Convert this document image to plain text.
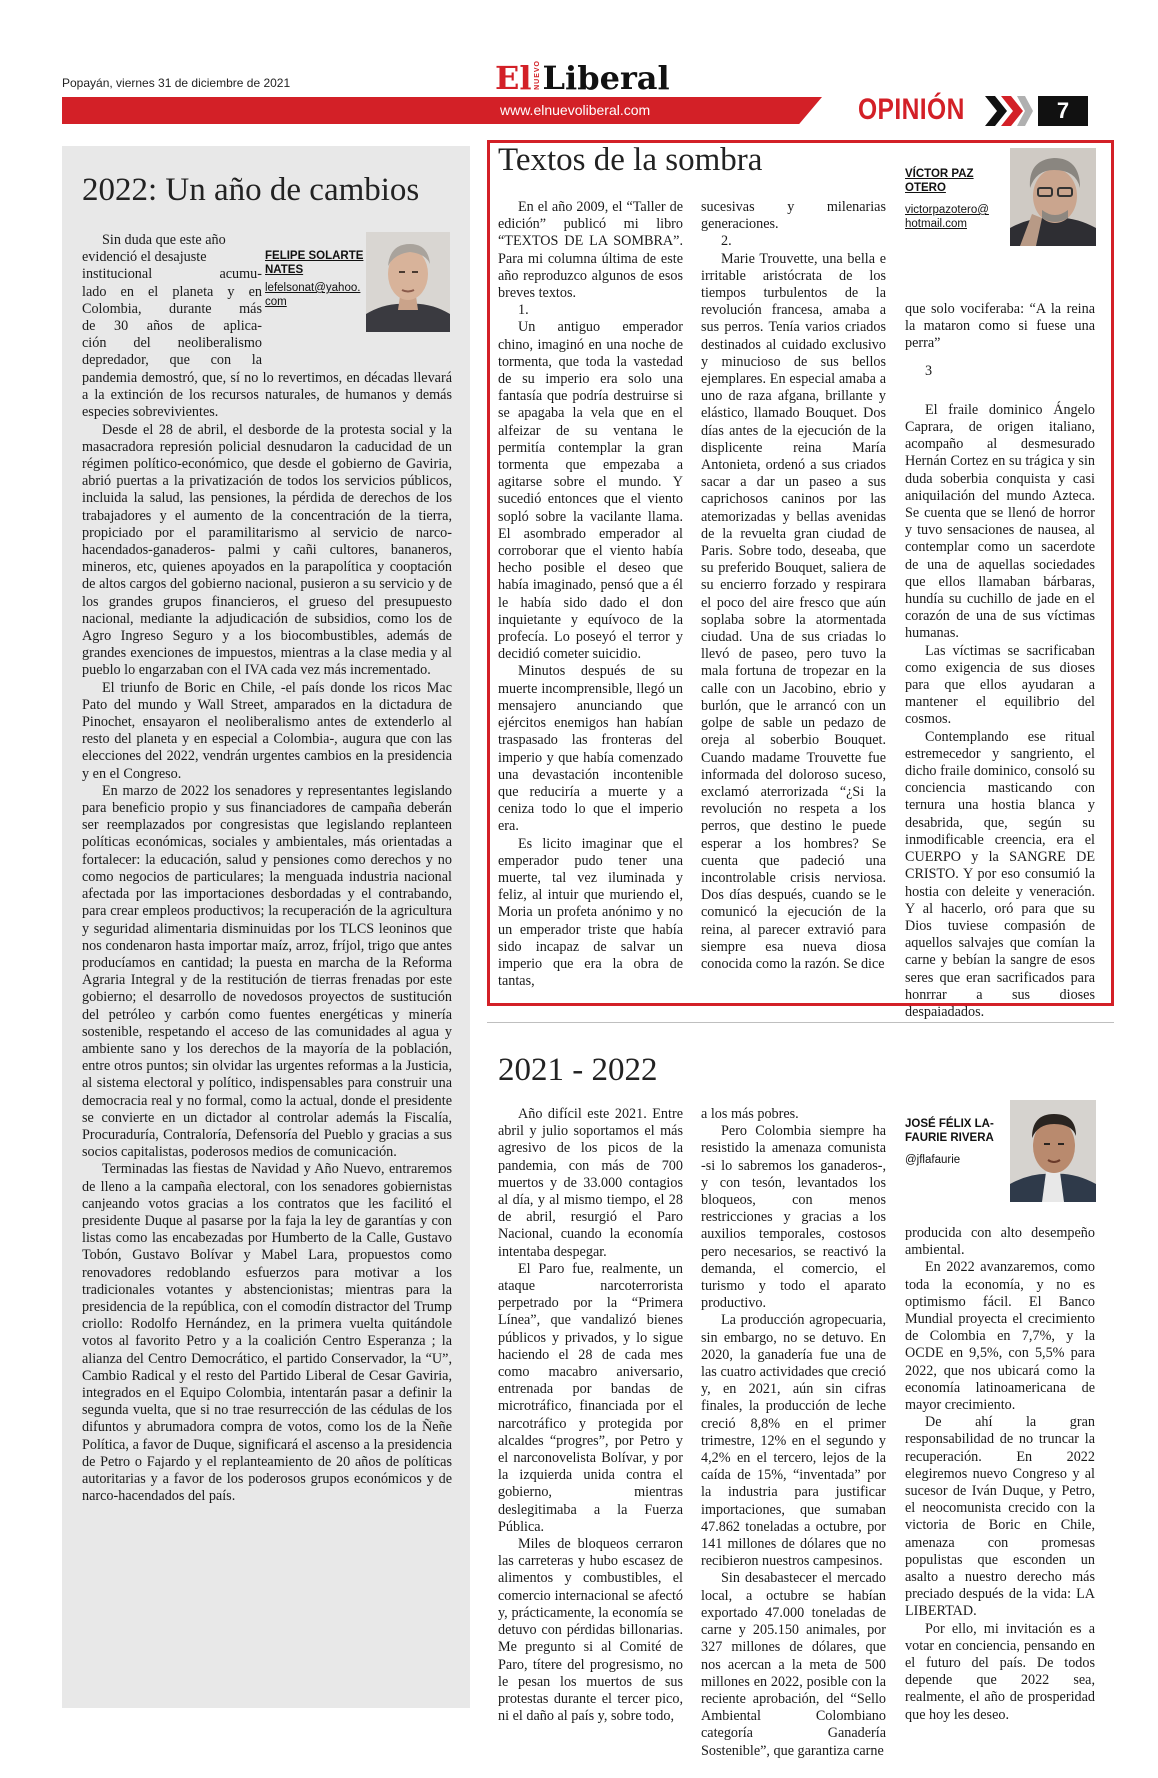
Popayán, viernes 31 de diciembre de 2021	El NUEVO Liberal
www.elnuevoliberal.com	OPINIÓN	7
2022: Un año de cambios
FELIPE SOLARTE NATES
lefelsonat@yahoo.com

Sin duda que este año

evidenció el desajuste

institucional acumu-

lado en el planeta y en

Colombia, durante más

de 30 años de aplica-

ción del neoliberalismo

depredador, que con la

pandemia demostró, que, sí no lo revertimos, en décadas llevará a la extinción de los recursos naturales, de humanos y demás especies sobrevivientes.

Desde el 28 de abril, el desborde de la protesta social y la masacradora represión policial desnudaron la caducidad de un régimen político-económico, que desde el gobierno de Gaviria, abrió puertas a la privatización de todos los servicios públicos, incluida la salud, las pensiones, la pérdida de derechos de los trabajadores y el aumento de la concentración de la tierra, propiciado por el paramilitarismo al servicio de narco-hacendados-ganaderos- palmi y cañi cultores, bananeros, mineros, etc, quienes apoyados en la parapolítica y cooptación de altos cargos del gobierno nacional, pusieron a su servicio y de los grandes grupos financieros, el grueso del presupuesto nacional, mediante la adjudicación de subsidios, como los de Agro Ingreso Seguro y a los biocombustibles, además de grandes exenciones de impuestos, mientras a la clase media y al pueblo lo engarzaban con el IVA cada vez más incrementado.

El triunfo de Boric en Chile, -el país donde los ricos Mac Pato del mundo y Wall Street, amparados en la dictadura de Pinochet, ensayaron el neoliberalismo antes de extenderlo al resto del planeta y en especial a Colombia-, augura que con las elecciones del 2022, vendrán urgentes cambios en la presidencia y en el Congreso.

En marzo de 2022 los senadores y representantes legislando para beneficio propio y sus financiadores de campaña deberán ser reemplazados por congresistas que legislando replanteen políticas económicas, sociales y ambientales, más orientadas a fortalecer: la educación, salud y pensiones como derechos y no como negocios de particulares; la menguada industria nacional afectada por las importaciones desbordadas y el contrabando, para crear empleos productivos; la recuperación de la agricultura y seguridad alimentaria disminuidas por los TLCS leoninos que nos condenaron hasta importar maíz, arroz, fríjol, trigo que antes producíamos en cantidad; la puesta en marcha de la Reforma Agraria Integral y de la restitución de tierras frenadas por este gobierno; el desarrollo de novedosos proyectos de sustitución del petróleo y carbón como fuentes energéticas y minería sostenible, respetando el acceso de las comunidades al agua y ambiente sano y los derechos de la mayoría de la población, entre otros puntos; sin olvidar las urgentes reformas a la Justicia, al sistema electoral y político, indispensables para construir una democracia real y no formal, como la actual, donde el presidente se convierte en un dictador al controlar además la Fiscalía, Procuraduría, Contraloría, Defensoría del Pueblo y gracias a sus socios capitalistas, poderosos medios de comunicación.

Terminadas las fiestas de Navidad y Año Nuevo, entraremos de lleno a la campaña electoral, con los senadores gobiernistas canjeando votos gracias a los contratos que les facilitó el presidente Duque al pasarse por la faja la ley de garantías y con listas como las encabezadas por Humberto de la Calle, Gustavo Tobón, Gustavo Bolívar y Mabel Lara, propuestos como renovadores redoblando esfuerzos para motivar a los tradicionales votantes y abstencionistas; mientras para la presidencia de la república, con el comodín distractor del Trump criollo: Rodolfo Hernández, en la primera vuelta quitándole votos al favorito Petro y a la coalición Centro Esperanza ; la alianza del Centro Democrático, el partido Conservador, la “U”, Cambio Radical y el resto del Partido Liberal de Cesar Gaviria, integrados en el Equipo Colombia, intentarán pasar a definir la segunda vuelta, que si no trae resurrección de las cédulas de los difuntos y abrumadora compra de votos, como los de la Ñeñe Política, a favor de Duque, significará el ascenso a la presidencia de Petro o Fajardo y el replanteamiento de 20 años de políticas autoritarias y a favor de los poderosos grupos económicos y de narco-hacendados del país.

Textos de la sombra	VÍCTOR PAZ
OTERO
victorpazotero@
hotmail.com

En el año 2009, el “Taller de edición” publicó mi libro “TEXTOS DE LA SOMBRA”. Para mi columna última de este año reproduzco algunos de esos breves textos.

1.

Un antiguo emperador chino, imaginó en una noche de tormenta, que toda la vastedad de su imperio era solo una fantasía que podría destruirse si se apagaba la vela que en el alfeizar de su ventana le permitía contemplar la gran tormenta que empezaba a agitarse sobre el mundo. Y sucedió entonces que el viento sopló sobre la vacilante llama. El asombrado emperador al corroborar que el viento había hecho posible el deseo que había imaginado, pensó que a él le había sido dado el don inquietante y equívoco de la profecía. Lo poseyó el terror y decidió cometer suicidio.

Minutos después de su muerte incomprensible, llegó un mensajero anunciando que ejércitos enemigos han habían traspasado las fronteras del imperio y que había comenzado una devastación incontenible que reduciría a muerte y a ceniza todo lo que el imperio era.

Es licito imaginar que el emperador pudo tener una muerte, tal vez iluminada y feliz, al intuir que muriendo el, Moria un profeta anónimo y no un emperador triste que había sido incapaz de salvar un imperio que era la obra de tantas,

sucesivas y milenarias generaciones.

2.

Marie Trouvette, una bella e irritable aristócrata de los tiempos turbulentos de la revolución francesa, amaba a sus perros. Tenía varios criados destinados al cuidado exclusivo y minucioso de sus bellos ejemplares. En especial amaba a uno de raza afgana, brillante y elástico, llamado Bouquet. Dos días antes de la ejecución de la displicente reina María Antonieta, ordenó a sus criados sacar a dar un paseo a sus caprichosos caninos por las atemorizadas y bellas avenidas de la revuelta gran ciudad de Paris. Sobre todo, deseaba, que su preferido Bouquet, saliera de su encierro forzado y respirara el poco del aire fresco que aún soplaba sobre la atormentada ciudad. Una de sus criadas lo llevó de paseo, pero tuvo la mala fortuna de tropezar en la calle con un Jacobino, ebrio y burlón, que le arrancó con un golpe de sable un pedazo de oreja al soberbio Bouquet. Cuando madame Trouvette fue informada del doloroso suceso, exclamó aterrorizada “¿Si la revolución no respeta a los perros, que destino le puede esperar a los hombres? Se cuenta que padeció una incontrolable crisis nerviosa. Dos días después, cuando se le comunicó la ejecución de la reina, al parecer extravió para siempre esa nueva diosa conocida como la razón. Se dice

que solo vociferaba: “A la reina la mataron como si fuese una perra”

3

El fraile dominico Ángelo Caprara, de origen italiano, acompaño al desmesurado Hernán Cortez en su trágica y sin duda soberbia conquista y casi aniquilación del mundo Azteca. Se cuenta que se llenó de horror y tuvo sensaciones de nausea, al contemplar como un sacerdote de una de aquellas sociedades que ellos llamaban bárbaras, hundía su cuchillo de jade en el corazón de una de sus víctimas humanas.

Las víctimas se sacrificaban como exigencia de sus dioses para que ellos ayudaran a mantener el equilibrio del cosmos.

Contemplando ese ritual estremecedor y sangriento, el dicho fraile dominico, consoló su conciencia masticando con ternura una hostia blanca y desabrida, que, según su inmodificable creencia, era el CUERPO y la SANGRE DE CRISTO. Y por eso consumió la hostia con deleite y veneración. Y al hacerlo, oró para que su Dios tuviese compasión de aquellos salvajes que comían la carne y bebían la sangre de esos seres que eran sacrificados para honrrar a sus dioses despaiadados.

2021 - 2022
JOSÉ FÉLIX LA-
FAURIE RIVERA
@jflafaurie

Año difícil este 2021. Entre abril y julio soportamos el más agresivo de los picos de la pandemia, con más de 700 muertos y de 33.000 contagios al día, y al mismo tiempo, el 28 de abril, resurgió el Paro Nacional, cuando la economía intentaba despegar.

El Paro fue, realmente, un ataque narcoterrorista perpetrado por la “Primera Línea”, que vandalizó bienes públicos y privados, y lo sigue haciendo el 28 de cada mes como macabro aniversario, entrenada por bandas de microtráfico, financiada por el narcotráfico y protegida por alcaldes “progres”, por Petro y el narconovelista Bolívar, y por la izquierda unida contra el gobierno, mientras deslegitimaba a la Fuerza Pública.

Miles de bloqueos cerraron las carreteras y hubo escasez de alimentos y combustibles, el comercio internacional se afectó y, prácticamente, la economía se detuvo con pérdidas billonarias. Me pregunto si al Comité de Paro, títere del progresismo, no le pesan los muertos de sus protestas durante el tercer pico, ni el daño al país y, sobre todo,

a los más pobres.

Pero Colombia siempre ha resistido la amenaza comunista -si lo sabremos los ganaderos-, y con tesón, levantados los bloqueos, con menos restricciones y gracias a los auxilios temporales, costosos pero necesarios, se reactivó la demanda, el comercio, el turismo y todo el aparato productivo.

La producción agropecuaria, sin embargo, no se detuvo. En 2020, la ganadería fue una de las cuatro actividades que creció y, en 2021, aún sin cifras finales, la producción de leche creció 8,8% en el primer trimestre, 12% en el segundo y 4,2% en el tercero, lejos de la caída de 15%, “inventada” por la industria para justificar importaciones, que sumaban 47.862 toneladas a octubre, por 141 millones de dólares que no recibieron nuestros campesinos.

Sin desabastecer el mercado local, a octubre se habían exportado 47.000 toneladas de carne y 205.150 animales, por 327 millones de dólares, que nos acercan a la meta de 500 millones en 2022, posible con la reciente aprobación, del “Sello Ambiental Colombiano categoría Ganadería Sostenible”, que garantiza carne

producida con alto desempeño ambiental.

En 2022 avanzaremos, como toda la economía, y no es optimismo fácil. El Banco Mundial proyecta el crecimiento de Colombia en 7,7%, y la OCDE en 9,5%, con 5,5% para 2022, que nos ubicará como la economía latinoamericana de mayor crecimiento.

De ahí la gran responsabilidad de no truncar la recuperación. En 2022 elegiremos nuevo Congreso y al sucesor de Iván Duque, y Petro, el neocomunista crecido con la victoria de Boric en Chile, amenaza con promesas populistas que esconden un asalto a nuestro derecho más preciado después de la vida: LA LIBERTAD.

Por ello, mi invitación es a votar en conciencia, pensando en el futuro del país. De todos depende que 2022 sea, realmente, el año de prosperidad que hoy les deseo.
